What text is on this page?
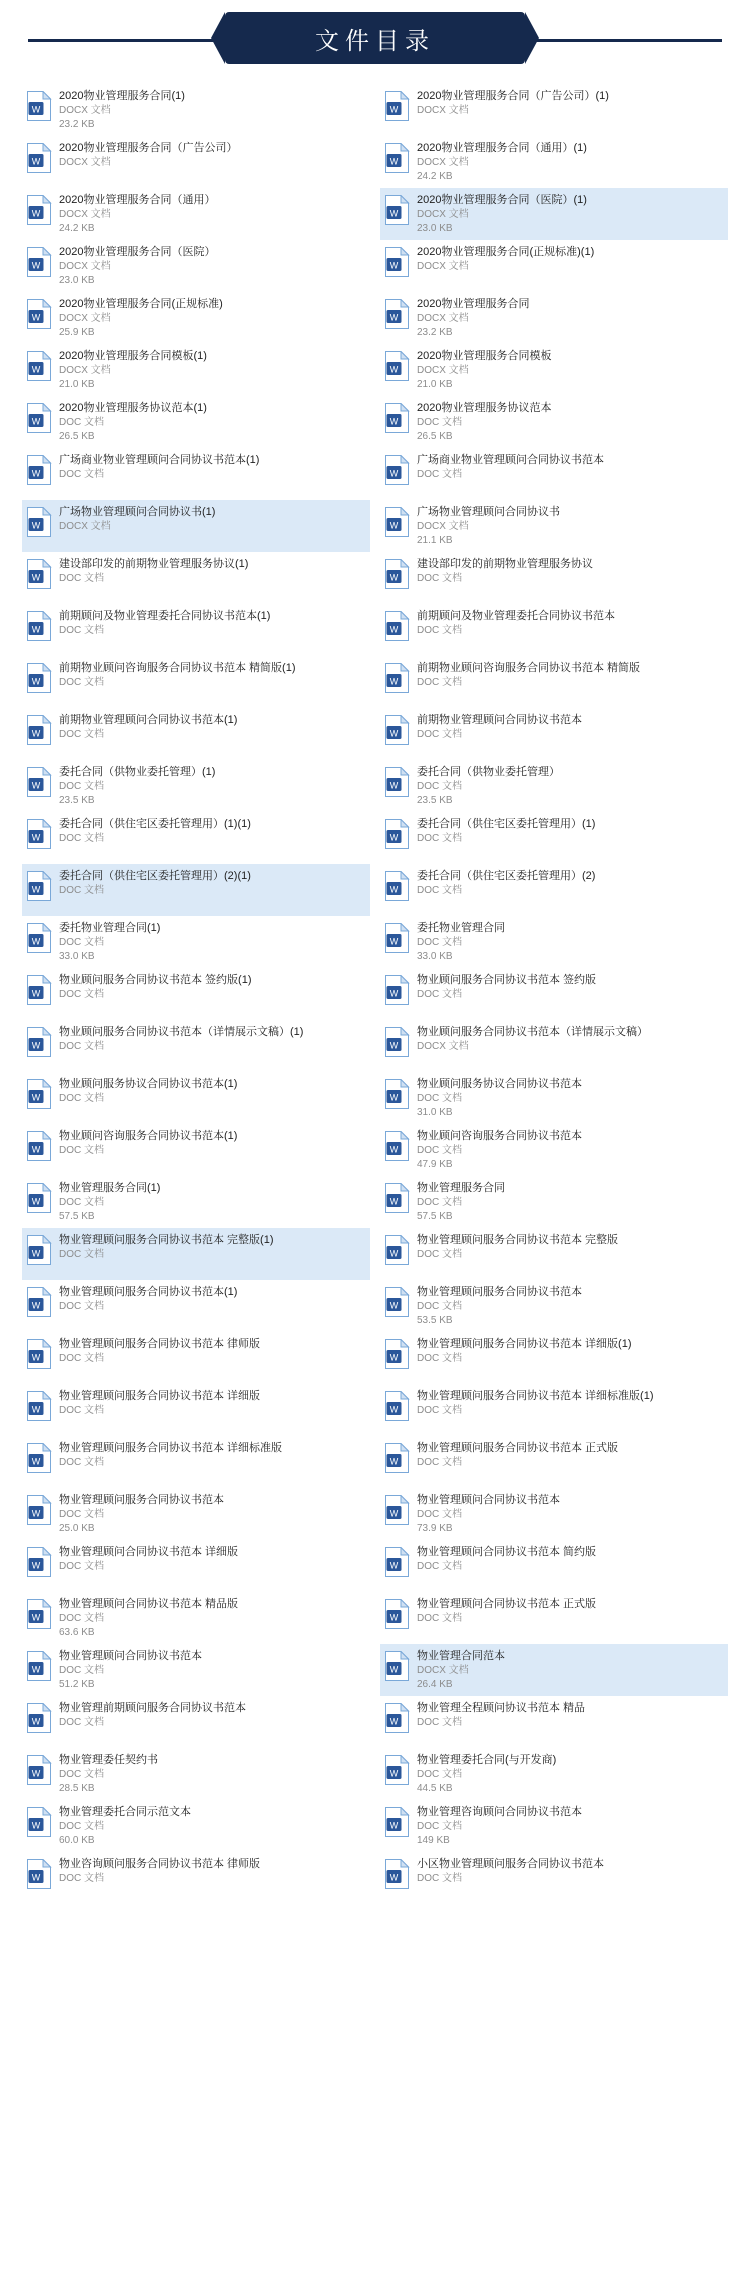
文件目录
W
2020物业管理服务合同(1)
DOCX 文档
23.2 KB
W
2020物业管理服务合同（广告公司）(1)
DOCX 文档
W
2020物业管理服务合同（广告公司）
DOCX 文档	W
2020物业管理服务合同（通用）(1)
DOCX 文档
24.2 KB
W
2020物业管理服务合同（通用）
DOCX 文档
24.2 KB
W
2020物业管理服务合同（医院）(1)
DOCX 文档
23.0 KB
W
2020物业管理服务合同（医院）
DOCX 文档
23.0 KB
W
2020物业管理服务合同(正规标准)(1)
DOCX 文档
W
2020物业管理服务合同(正规标准)
DOCX 文档
25.9 KB
W
2020物业管理服务合同
DOCX 文档
23.2 KB
W
2020物业管理服务合同模板(1)
DOCX 文档
21.0 KB
W
2020物业管理服务合同模板
DOCX 文档
21.0 KB
W
2020物业管理服务协议范本(1)
DOC 文档
26.5 KB
W
2020物业管理服务协议范本
DOC 文档
26.5 KB
W
广场商业物业管理顾问合同协议书范本(1)
DOC 文档	W
广场商业物业管理顾问合同协议书范本
DOC 文档
W
广场物业管理顾问合同协议书(1)
DOCX 文档	W
广场物业管理顾问合同协议书
DOCX 文档
21.1 KB
W
建设部印发的前期物业管理服务协议(1)
DOC 文档	W
建设部印发的前期物业管理服务协议
DOC 文档
W
前期顾问及物业管理委托合同协议书范本(1)
DOC 文档	W
前期顾问及物业管理委托合同协议书范本
DOC 文档
W
前期物业顾问咨询服务合同协议书范本 精简版(1)
DOC 文档	W
前期物业顾问咨询服务合同协议书范本 精简版
DOC 文档
W
前期物业管理顾问合同协议书范本(1)
DOC 文档	W
前期物业管理顾问合同协议书范本
DOC 文档
W
委托合同（供物业委托管理）(1)
DOC 文档
23.5 KB
W
委托合同（供物业委托管理）
DOC 文档
23.5 KB
W
委托合同（供住宅区委托管理用）(1)(1)
DOC 文档	W
委托合同（供住宅区委托管理用）(1)
DOC 文档
W
委托合同（供住宅区委托管理用）(2)(1)
DOC 文档	W
委托合同（供住宅区委托管理用）(2)
DOC 文档
W
委托物业管理合同(1)
DOC 文档
33.0 KB
W
委托物业管理合同
DOC 文档
33.0 KB
W
物业顾问服务合同协议书范本 签约版(1)
DOC 文档	W
物业顾问服务合同协议书范本 签约版
DOC 文档
W
物业顾问服务合同协议书范本（详情展示文稿）(1)
DOC 文档	W
物业顾问服务合同协议书范本（详情展示文稿）
DOCX 文档
W
物业顾问服务协议合同协议书范本(1)
DOC 文档	W
物业顾问服务协议合同协议书范本
DOC 文档
31.0 KB
W
物业顾问咨询服务合同协议书范本(1)
DOC 文档	W
物业顾问咨询服务合同协议书范本
DOC 文档
47.9 KB
W
物业管理服务合同(1)
DOC 文档
57.5 KB
W
物业管理服务合同
DOC 文档
57.5 KB
W
物业管理顾问服务合同协议书范本 完整版(1)
DOC 文档	W
物业管理顾问服务合同协议书范本 完整版
DOC 文档
W
物业管理顾问服务合同协议书范本(1)
DOC 文档	W
物业管理顾问服务合同协议书范本
DOC 文档
53.5 KB
W
物业管理顾问服务合同协议书范本 律师版
DOC 文档	W
物业管理顾问服务合同协议书范本 详细版(1)
DOC 文档
W
物业管理顾问服务合同协议书范本 详细版
DOC 文档	W
物业管理顾问服务合同协议书范本 详细标准版(1)
DOC 文档
W
物业管理顾问服务合同协议书范本 详细标准版
DOC 文档	W
物业管理顾问服务合同协议书范本 正式版
DOC 文档
W
物业管理顾问服务合同协议书范本
DOC 文档
25.0 KB
W
物业管理顾问合同协议书范本
DOC 文档
73.9 KB
W
物业管理顾问合同协议书范本 详细版
DOC 文档	W
物业管理顾问合同协议书范本 简约版
DOC 文档
W
物业管理顾问合同协议书范本 精品版
DOC 文档
63.6 KB
W
物业管理顾问合同协议书范本 正式版
DOC 文档
W
物业管理顾问合同协议书范本
DOC 文档
51.2 KB
W
物业管理合同范本
DOCX 文档
26.4 KB
W
物业管理前期顾问服务合同协议书范本
DOC 文档	W
物业管理全程顾问协议书范本 精品
DOC 文档
W
物业管理委任契约书
DOC 文档
28.5 KB
W
物业管理委托合同(与开发商)
DOC 文档
44.5 KB
W
物业管理委托合同示范文本
DOC 文档
60.0 KB
W
物业管理咨询顾问合同协议书范本
DOC 文档
149 KB
W
物业咨询顾问服务合同协议书范本 律师版
DOC 文档	W
小区物业管理顾问服务合同协议书范本
DOC 文档
